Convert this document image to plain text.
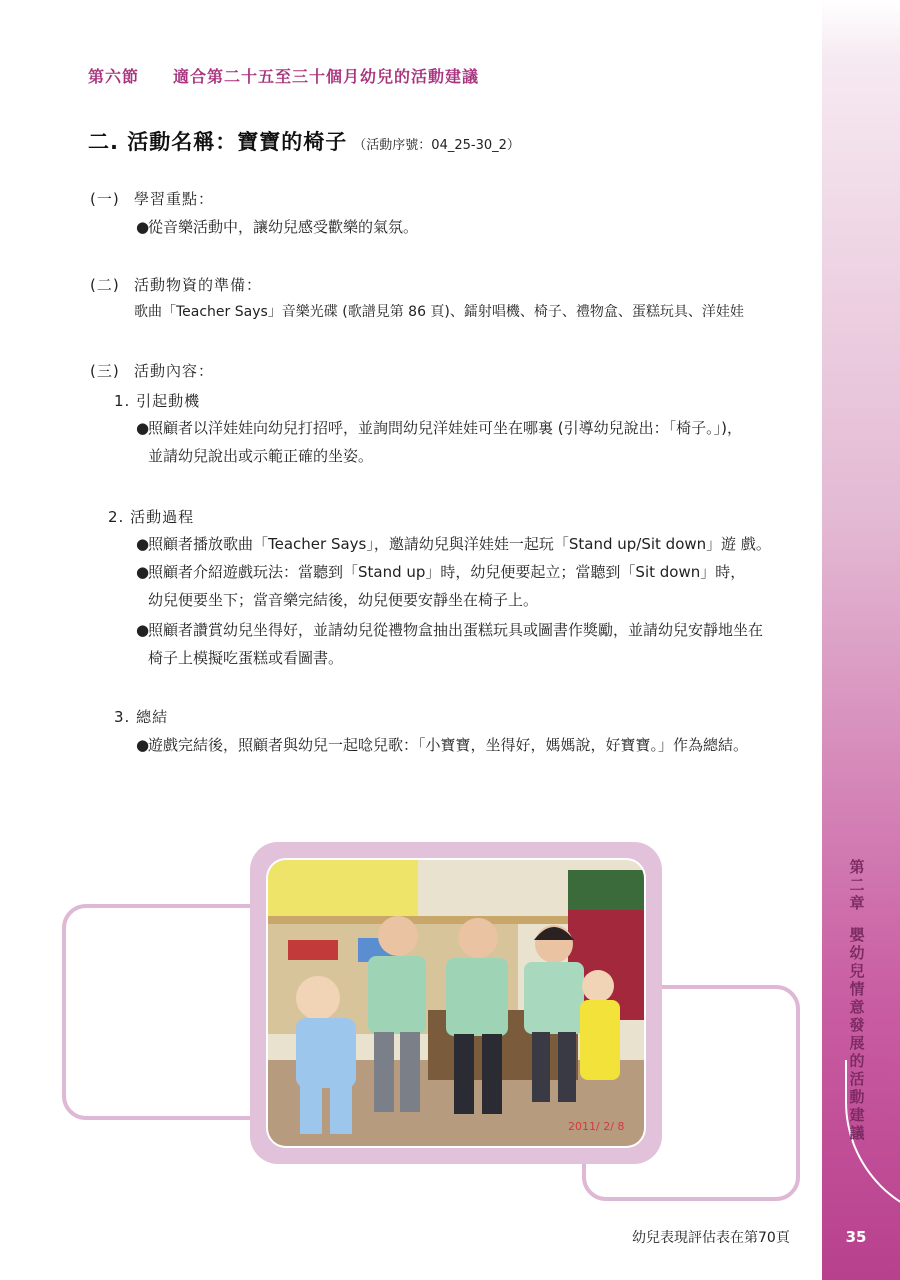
第
二
章
嬰
幼
兒
情
意
發
展
的
活
動
建
議
第六節 適合第二十五至三十個月幼兒的活動建議
二. 活動名稱：寶寶的椅子 （活動序號：04_25-30_2）
(一) 學習重點：
●從音樂活動中，讓幼兒感受歡樂的氣氛。
(二) 活動物資的準備：
歌曲「Teacher Says」音樂光碟 (歌譜見第 86 頁)、鐳射唱機、椅子、禮物盒、蛋糕玩具、洋娃娃
(三) 活動內容：
1. 引起動機
●照顧者以洋娃娃向幼兒打招呼，並詢問幼兒洋娃娃可坐在哪裏 (引導幼兒說出：「椅子。」)，
並請幼兒說出或示範正確的坐姿。
2. 活動過程
●照顧者播放歌曲「Teacher Says」，邀請幼兒與洋娃娃一起玩「Stand up/Sit down」遊 戲。
●照顧者介紹遊戲玩法：當聽到「Stand up」時，幼兒便要起立；當聽到「Sit down」時，
幼兒便要坐下；當音樂完結後，幼兒便要安靜坐在椅子上。
●照顧者讚賞幼兒坐得好，並請幼兒從禮物盒抽出蛋糕玩具或圖書作獎勵，並請幼兒安靜地坐在
椅子上模擬吃蛋糕或看圖書。
3. 總結
●遊戲完結後，照顧者與幼兒一起唸兒歌：「小寶寶，坐得好，媽媽說，好寶寶。」作為總結。
2011/ 2/ 8
幼兒表現評估表在第70頁	35
